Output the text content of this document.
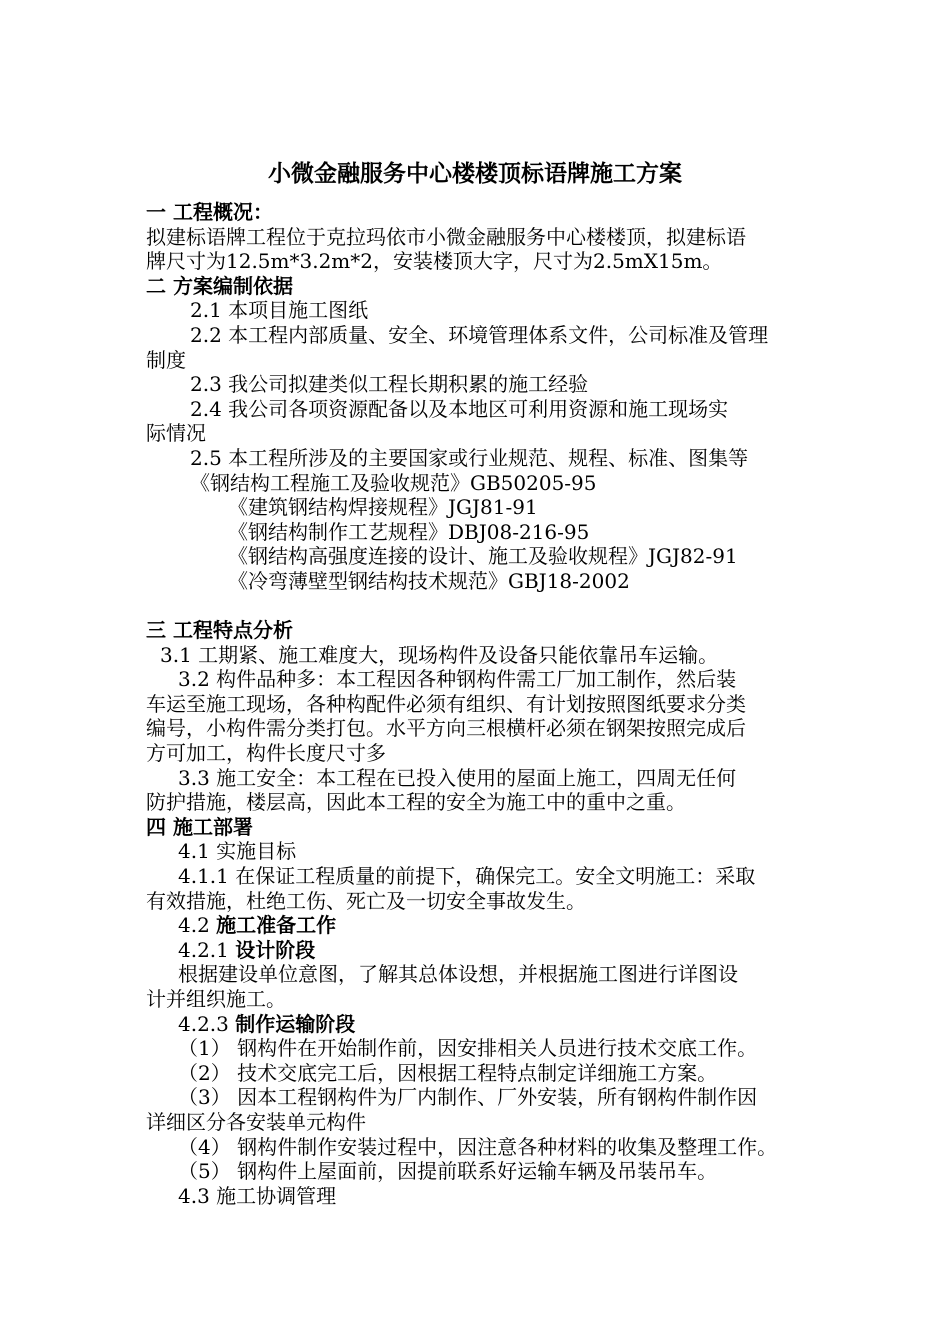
小微金融服务中心楼楼顶标语牌施工方案
一 工程概况：
拟建标语牌工程位于克拉玛依市小微金融服务中心楼楼顶，拟建标语
牌尺寸为12.5m*3.2m*2，安装楼顶大字，尺寸为2.5mX15m。
二 方案编制依据
2.1 本项目施工图纸
2.2 本工程内部质量、安全、环境管理体系文件，公司标准及管理
制度
2.3 我公司拟建类似工程长期积累的施工经验
2.4 我公司各项资源配备以及本地区可利用资源和施工现场实
际情况
2.5 本工程所涉及的主要国家或行业规范、规程、标准、图集等
《钢结构工程施工及验收规范》GB50205-95
《建筑钢结构焊接规程》JGJ81-91
《钢结构制作工艺规程》DBJ08-216-95
《钢结构高强度连接的设计、施工及验收规程》JGJ82-91
《冷弯薄壁型钢结构技术规范》GBJ18-2002
三 工程特点分析
3.1 工期紧、施工难度大，现场构件及设备只能依靠吊车运输。
3.2 构件品种多：本工程因各种钢构件需工厂加工制作，然后装
车运至施工现场，各种构配件必须有组织、有计划按照图纸要求分类
编号，小构件需分类打包。水平方向三根横杆必须在钢架按照完成后
方可加工，构件长度尺寸多
3.3 施工安全：本工程在已投入使用的屋面上施工，四周无任何
防护措施，楼层高，因此本工程的安全为施工中的重中之重。
四 施工部署
4.1 实施目标
4.1.1 在保证工程质量的前提下，确保完工。安全文明施工：采取
有效措施，杜绝工伤、死亡及一切安全事故发生。
4.2 施工准备工作
4.2.1 设计阶段
根据建设单位意图，了解其总体设想，并根据施工图进行详图设
计并组织施工。
4.2.3 制作运输阶段
（1） 钢构件在开始制作前，因安排相关人员进行技术交底工作。
（2） 技术交底完工后，因根据工程特点制定详细施工方案。
（3） 因本工程钢构件为厂内制作、厂外安装，所有钢构件制作因
详细区分各安装单元构件
（4） 钢构件制作安装过程中，因注意各种材料的收集及整理工作。
（5） 钢构件上屋面前，因提前联系好运输车辆及吊装吊车。
4.3 施工协调管理
